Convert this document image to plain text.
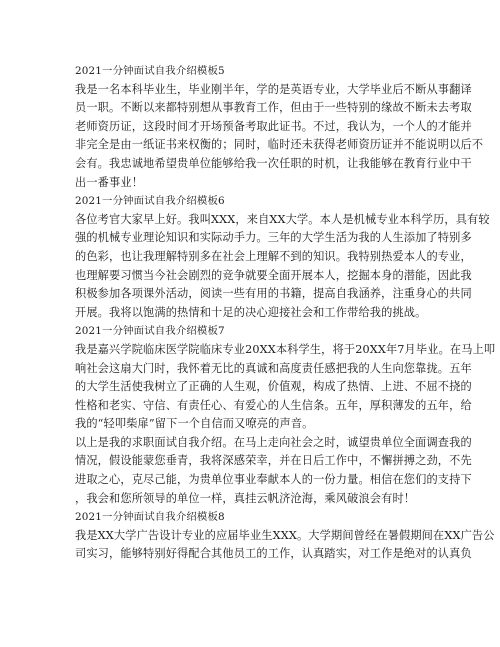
2021一分钟面试自我介绍模板5
我是一名本科毕业生，毕业刚半年，学的是英语专业，大学毕业后不断从事翻译
员一职。不断以来都特别想从事教育工作，但由于一些特别的缘故不断未去考取
老师资历证，这段时间才开场预备考取此证书。不过，我认为，一个人的才能并
非完全是由一纸证书来权衡的；同时，临时还未获得老师资历证并不能说明以后不
会有。我忠诚地希望贵单位能够给我一次任职的时机，让我能够在教育行业中干
出一番事业！
2021一分钟面试自我介绍模板6
各位考官大家早上好。我叫XXX，来自XX大学。本人是机械专业本科学历，具有较
强的机械专业理论知识和实际动手力。三年的大学生活为我的人生添加了特别多
的色彩，也让我理解特别多在社会上理解不到的知识。我特别热爱本人的专业，
也理解要习惯当今社会剧烈的竞争就要全面开展本人，挖掘本身的潜能，因此我
积极参加各项课外活动，阅读一些有用的书籍，提高自我涵养，注重身心的共同
开展。我将以饱满的热情和十足的决心迎接社会和工作带给我的挑战。
2021一分钟面试自我介绍模板7
我是嘉兴学院临床医学院临床专业20XX本科学生，将于20XX年7月毕业。在马上叩
响社会这扇大门时，我怀着无比的真诚和高度责任感把我的人生向您靠拢。五年
的大学生活使我树立了正确的人生观，价值观，构成了热情、上进、不屈不挠的
性格和老实、守信、有责任心、有爱心的人生信条。五年，厚积薄发的五年，给
我的“轻叩柴扉”留下一个自信而又嘹亮的声音。
以上是我的求职面试自我介绍。在马上走向社会之时，诚望贵单位全面调查我的
情况，假设能蒙您垂青，我将深感荣幸，并在日后工作中，不懈拼搏之劲，不先
进取之心，克尽己能，为贵单位事业奉献本人的一份力量。相信在您们的支持下
，我会和您所领导的单位一样，真挂云帆济沧海，乘风破浪会有时！
2021一分钟面试自我介绍模板8
我是XX大学广告设计专业的应届毕业生XXX。大学期间曾经在暑假期间在XX广告公
司实习，能够特别好得配合其他员工的工作，认真踏实，对工作是绝对的认真负
